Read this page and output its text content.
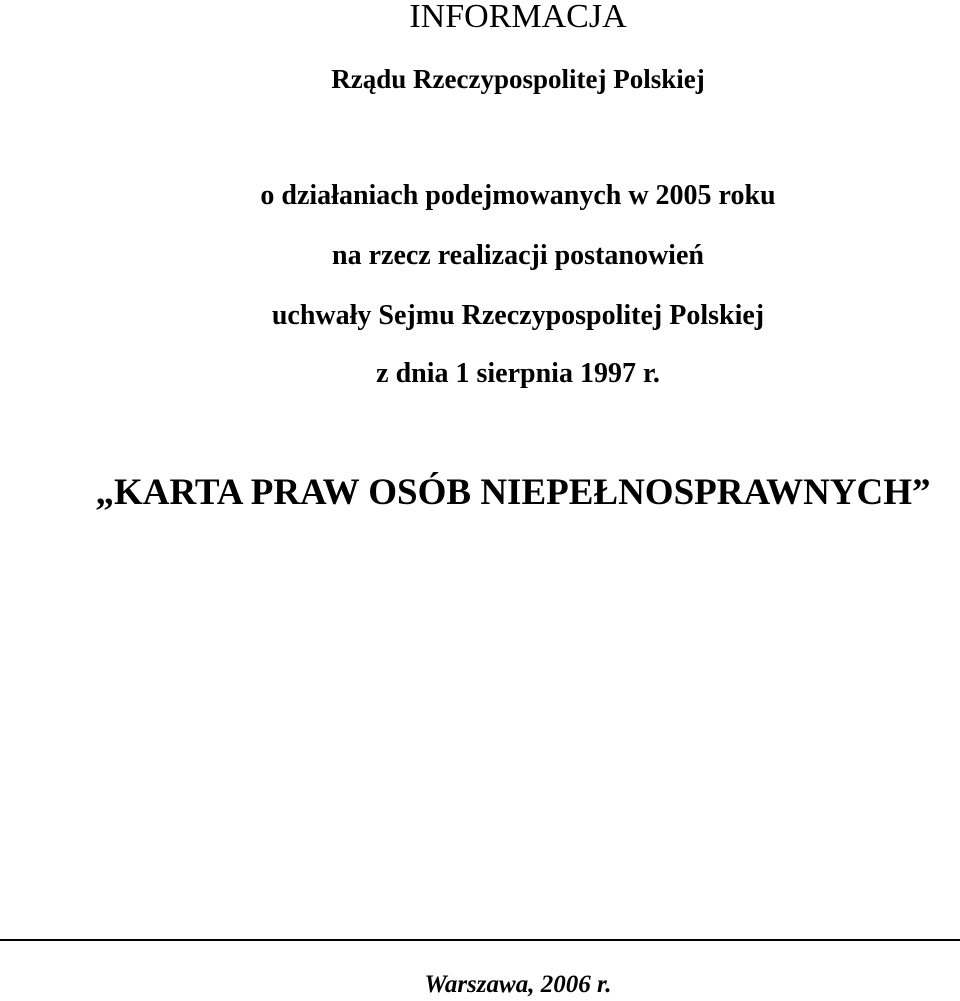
INFORMACJA
Rządu Rzeczypospolitej Polskiej
o działaniach podejmowanych w 2005 roku
na rzecz realizacji postanowień
uchwały Sejmu Rzeczypospolitej Polskiej
z dnia 1 sierpnia 1997 r.
„KARTA PRAW OSÓB NIEPEŁNOSPRAWNYCH”
Warszawa, 2006 r.
